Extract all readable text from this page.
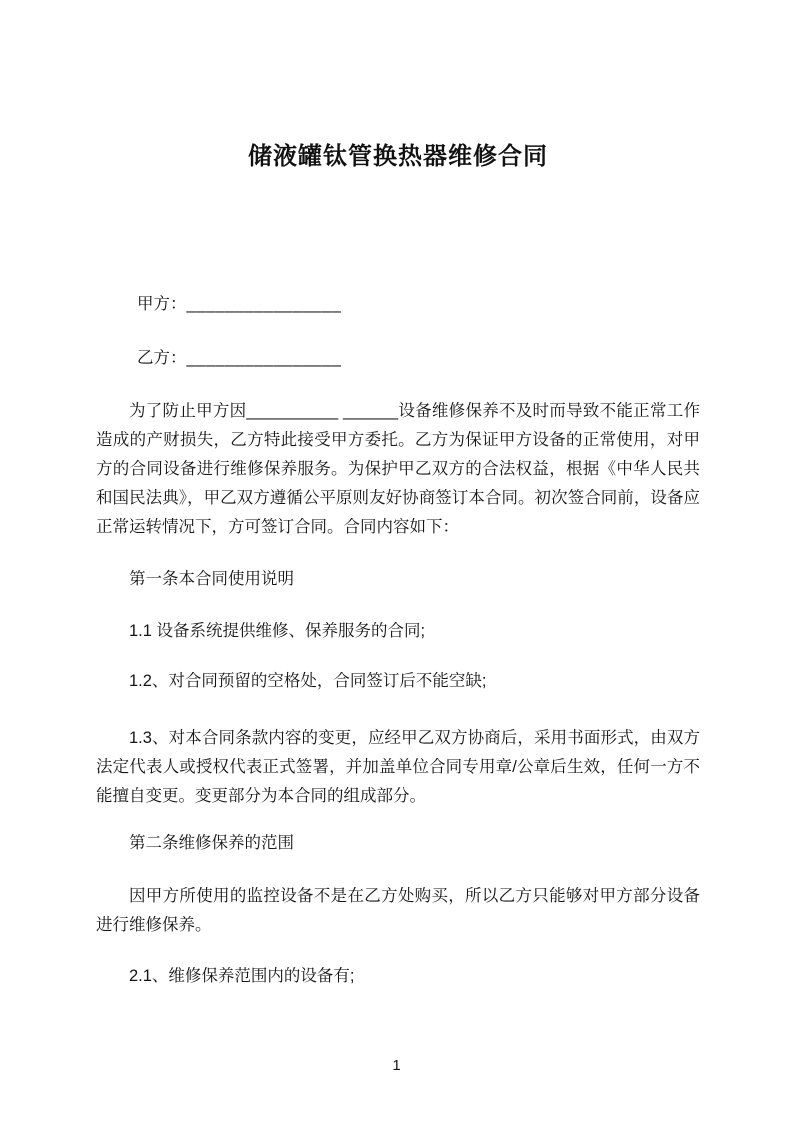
储液罐钛管换热器维修合同
甲方：________________
乙方：________________

为了防止甲方因__________ ______设备维修保养不及时而导致不能正常工作造成的产财损失，乙方特此接受甲方委托。乙方为保证甲方设备的正常使用，对甲方的合同设备进行维修保养服务。为保护甲乙双方的合法权益，根据《中华人民共和国民法典》，甲乙双方遵循公平原则友好协商签订本合同。初次签合同前，设备应正常运转情况下，方可签订合同。合同内容如下：

第一条本合同使用说明

1.1 设备系统提供维修、保养服务的合同;

1.2、对合同预留的空格处，合同签订后不能空缺;

1.3、对本合同条款内容的变更，应经甲乙双方协商后，采用书面形式，由双方法定代表人或授权代表正式签署，并加盖单位合同专用章/公章后生效，任何一方不能擅自变更。变更部分为本合同的组成部分。

第二条维修保养的范围

因甲方所使用的监控设备不是在乙方处购买，所以乙方只能够对甲方部分设备进行维修保养。

2.1、维修保养范围内的设备有;

1
